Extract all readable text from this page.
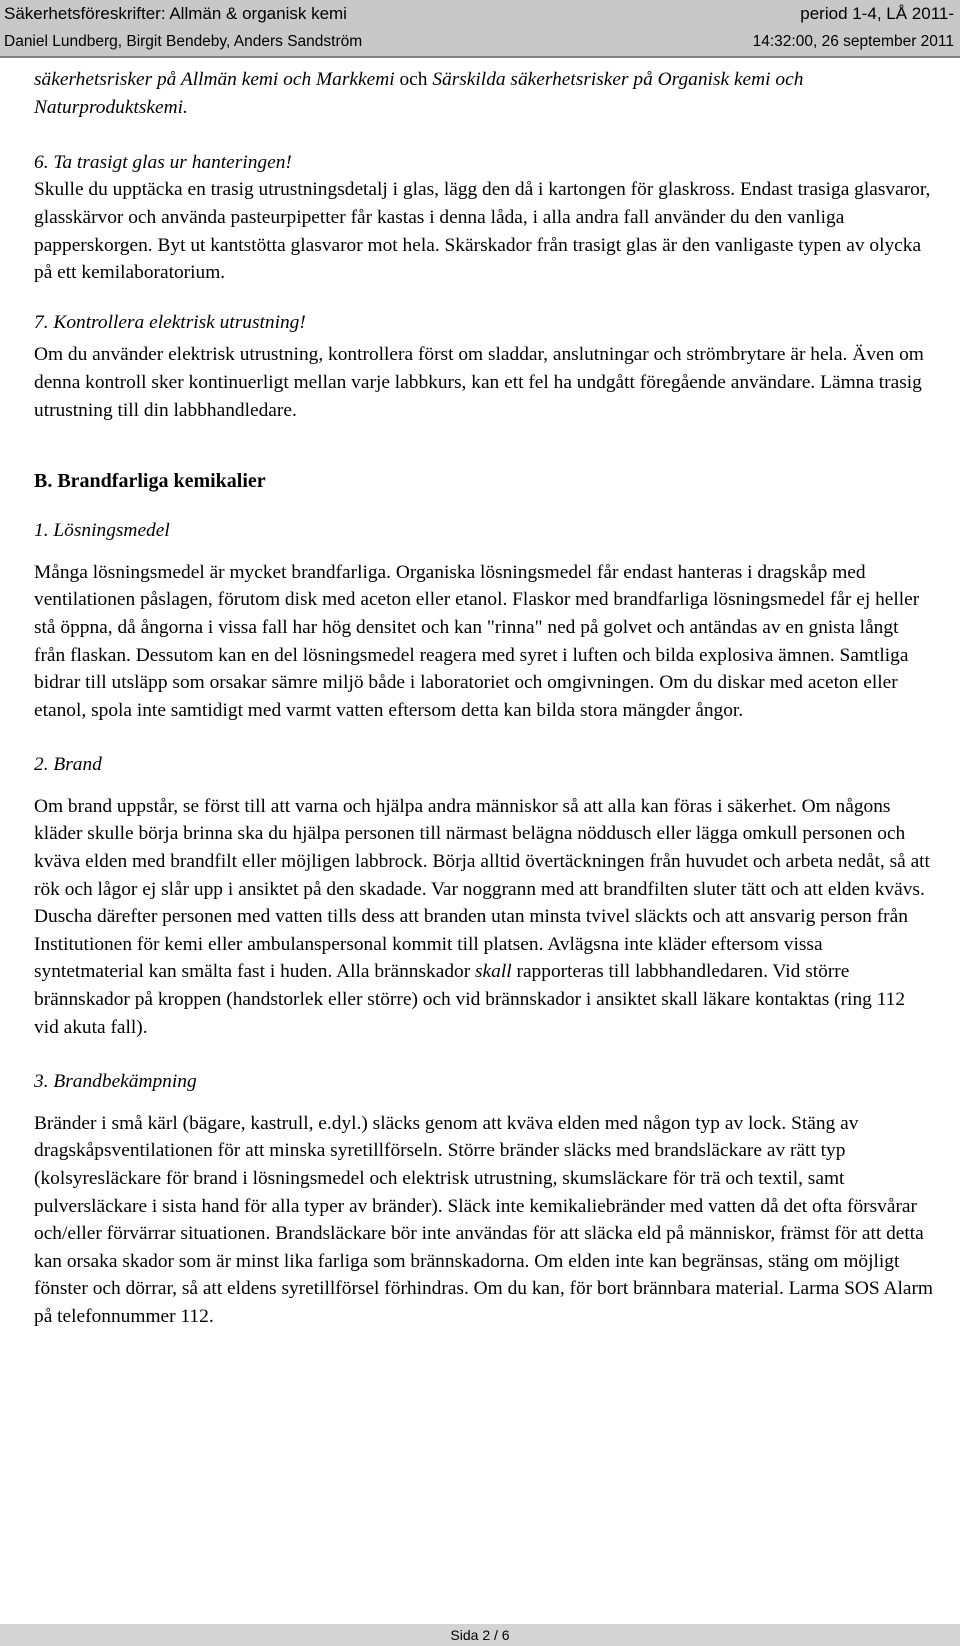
Säkerhetsföreskrifter: Allmän & organisk kemi	period 1-4, LÅ 2011-
Daniel Lundberg, Birgit Bendeby, Anders Sandström	14:32:00, 26 september 2011

säkerhetsrisker på Allmän kemi och Markkemi och Särskilda säkerhetsrisker på Organisk kemi och Naturproduktskemi.

6. Ta trasigt glas ur hanteringen!

Skulle du upptäcka en trasig utrustningsdetalj i glas, lägg den då i kartongen för glaskross. Endast trasiga glasvaror, glasskärvor och använda pasteurpipetter får kastas i denna låda, i alla andra fall använder du den vanliga papperskorgen. Byt ut kantstötta glasvaror mot hela. Skärskador från trasigt glas är den vanligaste typen av olycka på ett kemilaboratorium.

7. Kontrollera elektrisk utrustning!

Om du använder elektrisk utrustning, kontrollera först om sladdar, anslutningar och strömbrytare är hela. Även om denna kontroll sker kontinuerligt mellan varje labbkurs, kan ett fel ha undgått föregående användare. Lämna trasig utrustning till din labbhandledare.

B. Brandfarliga kemikalier

1. Lösningsmedel

Många lösningsmedel är mycket brandfarliga. Organiska lösningsmedel får endast hanteras i dragskåp med ventilationen påslagen, förutom disk med aceton eller etanol. Flaskor med brandfarliga lösningsmedel får ej heller stå öppna, då ångorna i vissa fall har hög densitet och kan "rinna" ned på golvet och antändas av en gnista långt från flaskan. Dessutom kan en del lösningsmedel reagera med syret i luften och bilda explosiva ämnen. Samtliga bidrar till utsläpp som orsakar sämre miljö både i laboratoriet och omgivningen. Om du diskar med aceton eller etanol, spola inte samtidigt med varmt vatten eftersom detta kan bilda stora mängder ångor.

2. Brand

Om brand uppstår, se först till att varna och hjälpa andra människor så att alla kan föras i säkerhet. Om någons kläder skulle börja brinna ska du hjälpa personen till närmast belägna nöddusch eller lägga omkull personen och kväva elden med brandfilt eller möjligen labbrock. Börja alltid övertäckningen från huvudet och arbeta nedåt, så att rök och lågor ej slår upp i ansiktet på den skadade. Var noggrann med att brandfilten sluter tätt och att elden kvävs. Duscha därefter personen med vatten tills dess att branden utan minsta tvivel släckts och att ansvarig person från Institutionen för kemi eller ambulanspersonal kommit till platsen. Avlägsna inte kläder eftersom vissa syntetmaterial kan smälta fast i huden. Alla brännskador skall rapporteras till labbhandledaren. Vid större brännskador på kroppen (handstorlek eller större) och vid brännskador i ansiktet skall läkare kontaktas (ring 112 vid akuta fall).

3. Brandbekämpning

Bränder i små kärl (bägare, kastrull, e.dyl.) släcks genom att kväva elden med någon typ av lock. Stäng av dragskåpsventilationen för att minska syretillförseln. Större bränder släcks med brandsläckare av rätt typ (kolsyresläckare för brand i lösningsmedel och elektrisk utrustning, skumsläckare för trä och textil, samt pulversläckare i sista hand för alla typer av bränder). Släck inte kemikaliebränder med vatten då det ofta försvårar och/eller förvärrar situationen. Brandsläckare bör inte användas för att släcka eld på människor, främst för att detta kan orsaka skador som är minst lika farliga som brännskadorna. Om elden inte kan begränsas, stäng om möjligt fönster och dörrar, så att eldens syretillförsel förhindras. Om du kan, för bort brännbara material. Larma SOS Alarm på telefonnummer 112.

Sida 2 / 6
